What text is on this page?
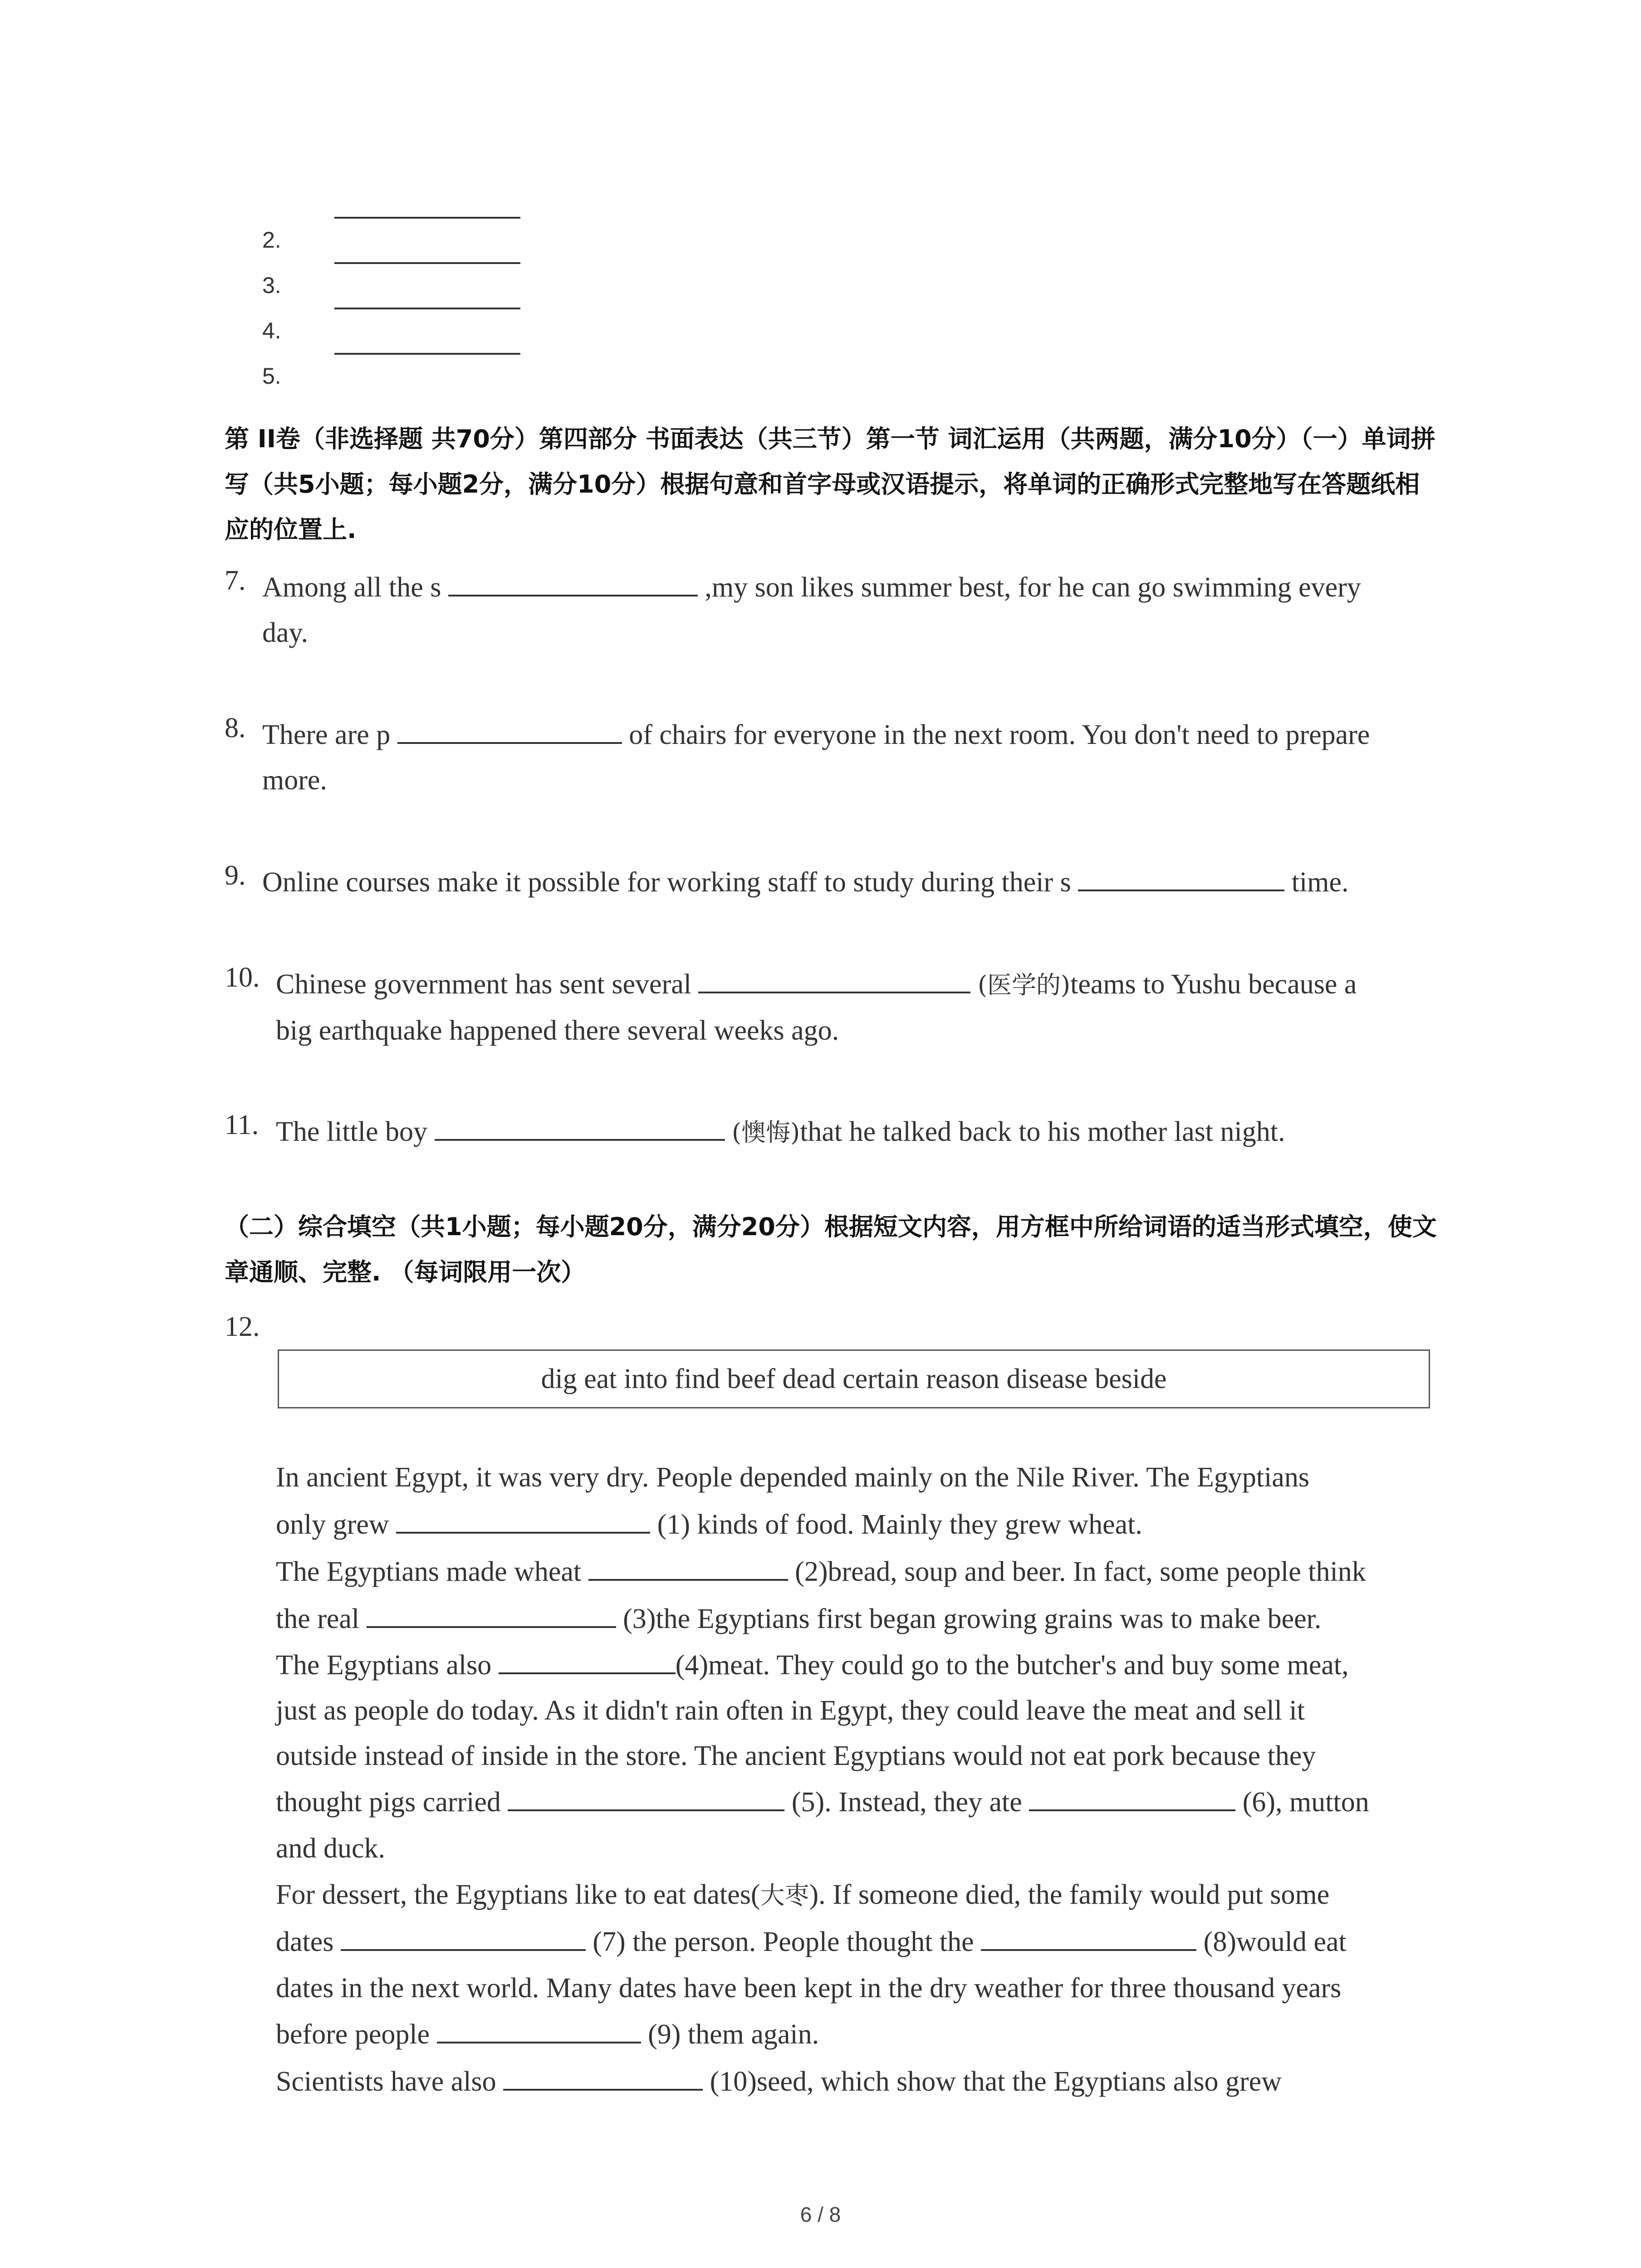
2.
3.
4.
5.
第 II卷（非选择题 共70分）第四部分 书面表达（共三节）第一节 词汇运用（共两题，满分10分）（一）单词拼写（共5小题；每小题2分，满分10分）根据句意和首字母或汉语提示，将单词的正确形式完整地写在答题纸相应的位置上.
7. Among all the s	,my son likes summer best, for he can go swimming every
day.
8. There are p	of chairs for everyone in the next room. You don't need to prepare
more.
9. Online courses make it possible for working staff to study during their s	time.
10. Chinese government has sent several	(医学的)teams to Yushu because a
big earthquake happened there several weeks ago.
11. The little boy	(懊悔)that he talked back to his mother last night.
（二）综合填空（共1小题；每小题20分，满分20分）根据短文内容，用方框中所给词语的适当形式填空，使文章通顺、完整. （每词限用一次）
12.
dig eat into find beef dead certain reason disease beside
In ancient Egypt, it was very dry. People depended mainly on the Nile River. The Egyptians
only grew	(1) kinds of food. Mainly they grew wheat.
The Egyptians made wheat	(2)bread, soup and beer. In fact, some people think
the real	(3)the Egyptians first began growing grains was to make beer.
The Egyptians also	(4)meat. They could go to the butcher's and buy some meat,
just as people do today. As it didn't rain often in Egypt, they could leave the meat and sell it
outside instead of inside in the store. The ancient Egyptians would not eat pork because they
thought pigs carried	(5). Instead, they ate	(6), mutton
and duck.
For dessert, the Egyptians like to eat dates(大枣). If someone died, the family would put some
dates	(7) the person. People thought the	(8)would eat
dates in the next world. Many dates have been kept in the dry weather for three thousand years
before people	(9) them again.
Scientists have also	(10)seed, which show that the Egyptians also grew
6 / 8
